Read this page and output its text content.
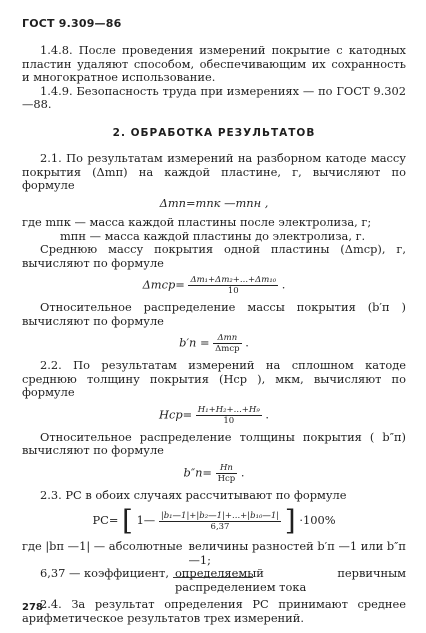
ГОСТ 9.309—86

1.4.8. После проведения измерений покрытие с катодных пластин удаляют способом, обеспечивающим их сохранность и многократное использование.

1.4.9. Безопасность труда при измерениях — по ГОСТ 9.302—88.

2. ОБРАБОТКА РЕЗУЛЬТАТОВ

2.1. По результатам измерений на разборном катоде массу покрытия (Δmп) на каждой пластине, г, вычисляют по формуле

Δmп=mпк —mпн ,

где mпк — масса каждой пластины после электролиза, г;

mпн — масса каждой пластины до электролиза, г.

Среднюю массу покрытия одной пластины (Δmср), г, вычисляют по формуле

$\Delta mср= \frac{\text{Δm₁+Δm₂+...+Δm₁₀}}{10}$ .

Относительное распределение массы покрытия (b′п ) вычисляют по формуле

$b'п = \frac{\text{Δmп}}{\text{Δmср}}$ .

2.2. По результатам измерений на сплошном катоде среднюю толщину покрытия (Hср ), мкм, вычисляют по формуле

$Hср= \frac{\text{H₁+H₂+...+H₉}}{10}$ .

Относительное распределение толщины покрытия ( b″п) вычисляют по формуле

$b''п= \frac{Hп}{\text{Hср}}$ .

2.3. РС в обоих случаях рассчитывают по формуле

PC= [ 1— $\frac{\text{|b₁—1|+|b₂—1|+...+|b₁₀—1|}}{6,37}$ ] ·100%
где |bп —1| — абсолютные величины разностей b′п —1 или b″п—1;
6,37 — коэффициент, определяемый первичным распределением тока

2.4. За результат определения РС принимают среднее арифметическое результатов трех измерений.

278
